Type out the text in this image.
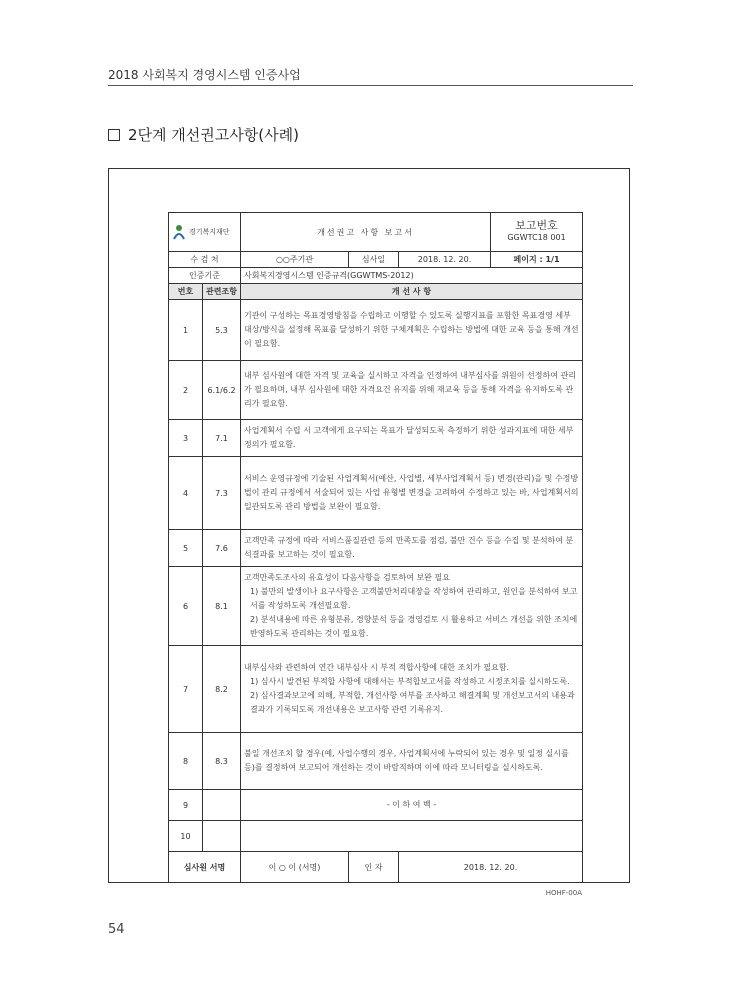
2018 사회복지 경영시스템 인증사업
2단계 개선권고사항(사례)
경기복지재단		개선권고 사항 보고서			보고번호
GGWTC18 001

수 검 처		○○주기관	심사일	2018. 12. 20.	페이지 : 1/1
인증기준		사회복지경영시스템 인증규격(GGWTMS-2012)			
번호	관련조항	개 선 사 항			
1	5.3	기관이 구성하는 목표경영방침을 수립하고 이행할 수 있도록 실행지표를 포함한 목표경영 세부 대상/방식을 설정해 목표를 달성하기 위한 구체계획은 수립하는 방법에 대한 교육 등을 통해 개선이 필요함.			
2	6.1/6.2	내부 심사원에 대한 자격 및 교육을 실시하고 자격을 인정하여 내부심사를 위원이 선정하여 관리가 필요하며, 내부 심사원에 대한 자격요건 유지를 위해 재교육 등을 통해 자격을 유지하도록 관리가 필요함.			
3	7.1	사업계획서 수립 시 고객에게 요구되는 목표가 달성되도록 측정하기 위한 성과지표에 대한 세부 정의가 필요함.			
4	7.3	서비스 운영규정에 기술된 사업계획서(예산, 사업별, 세부사업계획서 등) 변경(관리)을 및 수정방법이 관리 규정에서 서술되어 있는 사업 유형별 변경을 고려하여 수정하고 있는 바, 사업계획서의 일관되도록 관리 방법을 보완이 필요함.			
5	7.6	고객만족 규정에 따라 서비스품질관련 등의 만족도를 점검, 불만 건수 등을 수집 및 분석하여 분석결과를 보고하는 것이 필요함.			
6	8.1	고객만족도조사의 유효성이 다음사항을 검토하여 보완 필요
1) 불만의 발생이나 요구사항은 고객불만처리대장을 작성하여 관리하고, 원인을 분석하여 보고서를 작성하도록 개선필요함.
2) 분석내용에 따른 유형분류, 경향분석 등을 경영검토 시 활용하고 서비스 개선을 위한 조치에 반영하도록 관리하는 것이 필요함.			

7	8.2	내부심사와 관련하여 연간 내부심사 시 부적 적합사항에 대한 조치가 필요함.
1) 심사시 발견된 부적합 사항에 대해서는 부적합보고서를 작성하고 시정조치를 실시하도록.
2) 심사결과보고에 의해, 부적합, 개선사항 여부를 조사하고 해결계획 및 개선보고서의 내용과 결과가 기록되도록 개선내용은 보고사항 관련 기록유지.			

8	8.3	불일 개선조치 할 경우(예, 사업수행의 경우, 사업계획서에 누락되어 있는 경우 및 일정 실시를 등)를 결정하여 보고되어 개선하는 것이 바람직하며 이에 따라 모니터링을 실시하도록.			
9		- 이 하 여 백 -			
10					
심사원 서명		이 ○ 이 (서명)	인 자	2018. 12. 20.	
HOHF-00A
54
